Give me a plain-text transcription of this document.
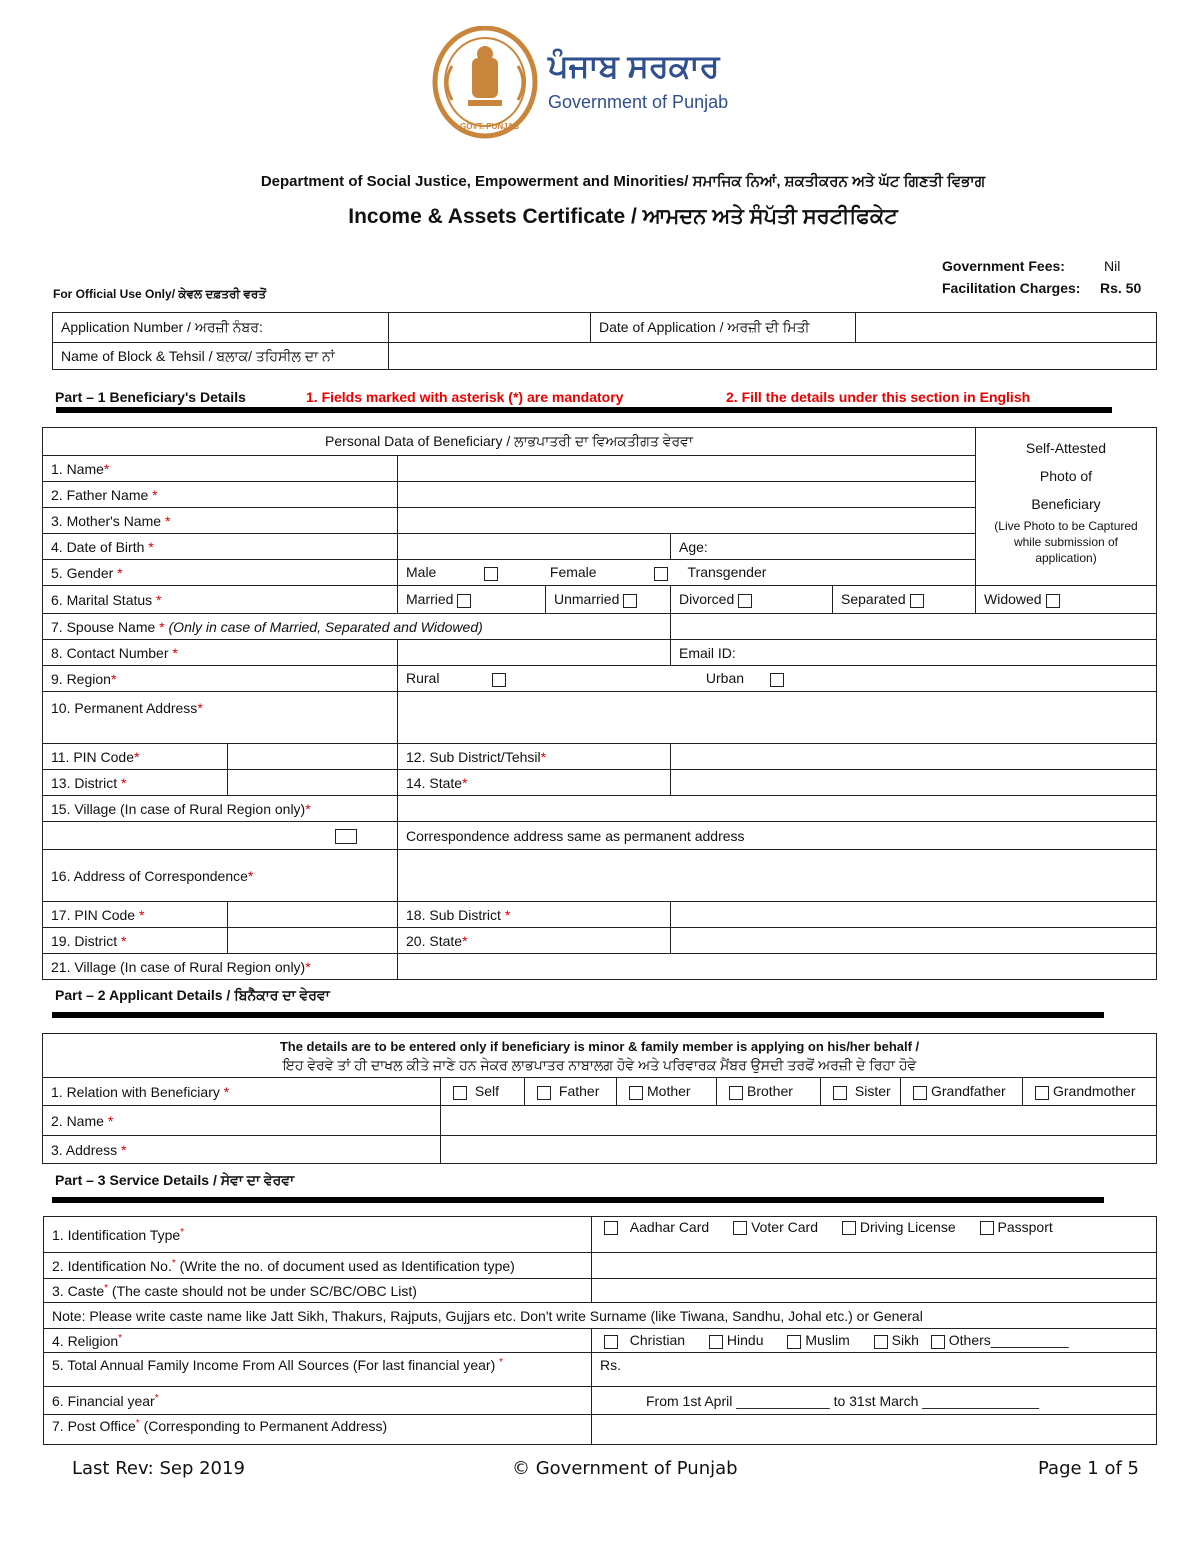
GOVT. PUNJAB
ਪੰਜਾਬ ਸਰਕਾਰ
Government of Punjab
Department of Social Justice, Empowerment and Minorities/ ਸਮਾਜਿਕ ਨਿਆਂ, ਸ਼ਕਤੀਕਰਨ ਅਤੇ ਘੱਟ ਗਿਣਤੀ ਵਿਭਾਗ
Income & Assets Certificate / ਆਮਦਨ ਅਤੇ ਸੰਪੱਤੀ ਸਰਟੀਫਿਕੇਟ
Government Fees:	Nil
Facilitation Charges: Rs. 50
For Official Use Only/ ਕੇਵਲ ਦਫ਼ਤਰੀ ਵਰਤੋਂ
Application Number / ਅਰਜ਼ੀ ਨੰਬਰ:		Date of Application / ਅਰਜ਼ੀ ਦੀ ਮਿਤੀ	
Name of Block & Tehsil / ਬਲਾਕ/ ਤਹਿਸੀਲ ਦਾ ਨਾਂ			
Part – 1 Beneficiary's Details	1. Fields marked with asterisk (*) are mandatory	2. Fill the details under this section in English
Personal Data of Beneficiary / ਲਾਭਪਾਤਰੀ ਦਾ ਵਿਅਕਤੀਗਤ ਵੇਰਵਾ						Self-Attested
Photo of
Beneficiary
(Live Photo to be Captured while submission of application)

1. Name*						
2. Father Name *						
3. Mother's Name *						
4. Date of Birth *				Age:		
5. Gender *		Male Female Transgender				
6. Marital Status *		Married	Unmarried	Divorced	Separated	Widowed
7. Spouse Name * (Only in case of Married, Separated and Widowed)						
8. Contact Number *				Email ID:		
9. Region*		Rural Urban				
10. Permanent Address*						
11. PIN Code*		12. Sub District/Tehsil*				
13. District *		14. State*				
15. Village (In case of Rural Region only)*						
		Correspondence address same as permanent address				
16. Address of Correspondence*						
17. PIN Code *		18. Sub District *				
19. District *		20. State*				
21. Village (In case of Rural Region only)*						
Part – 2 Applicant Details / ਬਿਨੈਕਾਰ ਦਾ ਵੇਰਵਾ
The details are to be entered only if beneficiary is minor & family member is applying on his/her behalf /
ਇਹ ਵੇਰਵੇ ਤਾਂ ਹੀ ਦਾਖਲ ਕੀਤੇ ਜਾਣੇ ਹਨ ਜੇਕਰ ਲਾਭਪਾਤਰ ਨਾਬਾਲਗ ਹੋਵੇ ਅਤੇ ਪਰਿਵਾਰਕ ਮੈਂਬਰ ਉਸਦੀ ਤਰਫੋਂ ਅਰਜ਼ੀ ਦੇ ਰਿਹਾ ਹੋਵੇ							

1. Relation with Beneficiary *	Self	Father	Mother	Brother	Sister	Grandfather	Grandmother
2. Name *							
3. Address *							
Part – 3 Service Details / ਸੇਵਾ ਦਾ ਵੇਰਵਾ
1. Identification Type*	Aadhar Card Voter Card Driving License Passport
2. Identification No.* (Write the no. of document used as Identification type)	
3. Caste* (The caste should not be under SC/BC/OBC List)	
Note: Please write caste name like Jatt Sikh, Thakurs, Rajputs, Gujjars etc. Don't write Surname (like Tiwana, Sandhu, Johal etc.) or General	
4. Religion*	Christian Hindu Muslim Sikh Others__________
5. Total Annual Family Income From All Sources (For last financial year) *	Rs.
6. Financial year*	From 1st April ____________ to 31st March _______________
7. Post Office* (Corresponding to Permanent Address)	
Last Rev: Sep 2019	© Government of Punjab	Page 1 of 5
